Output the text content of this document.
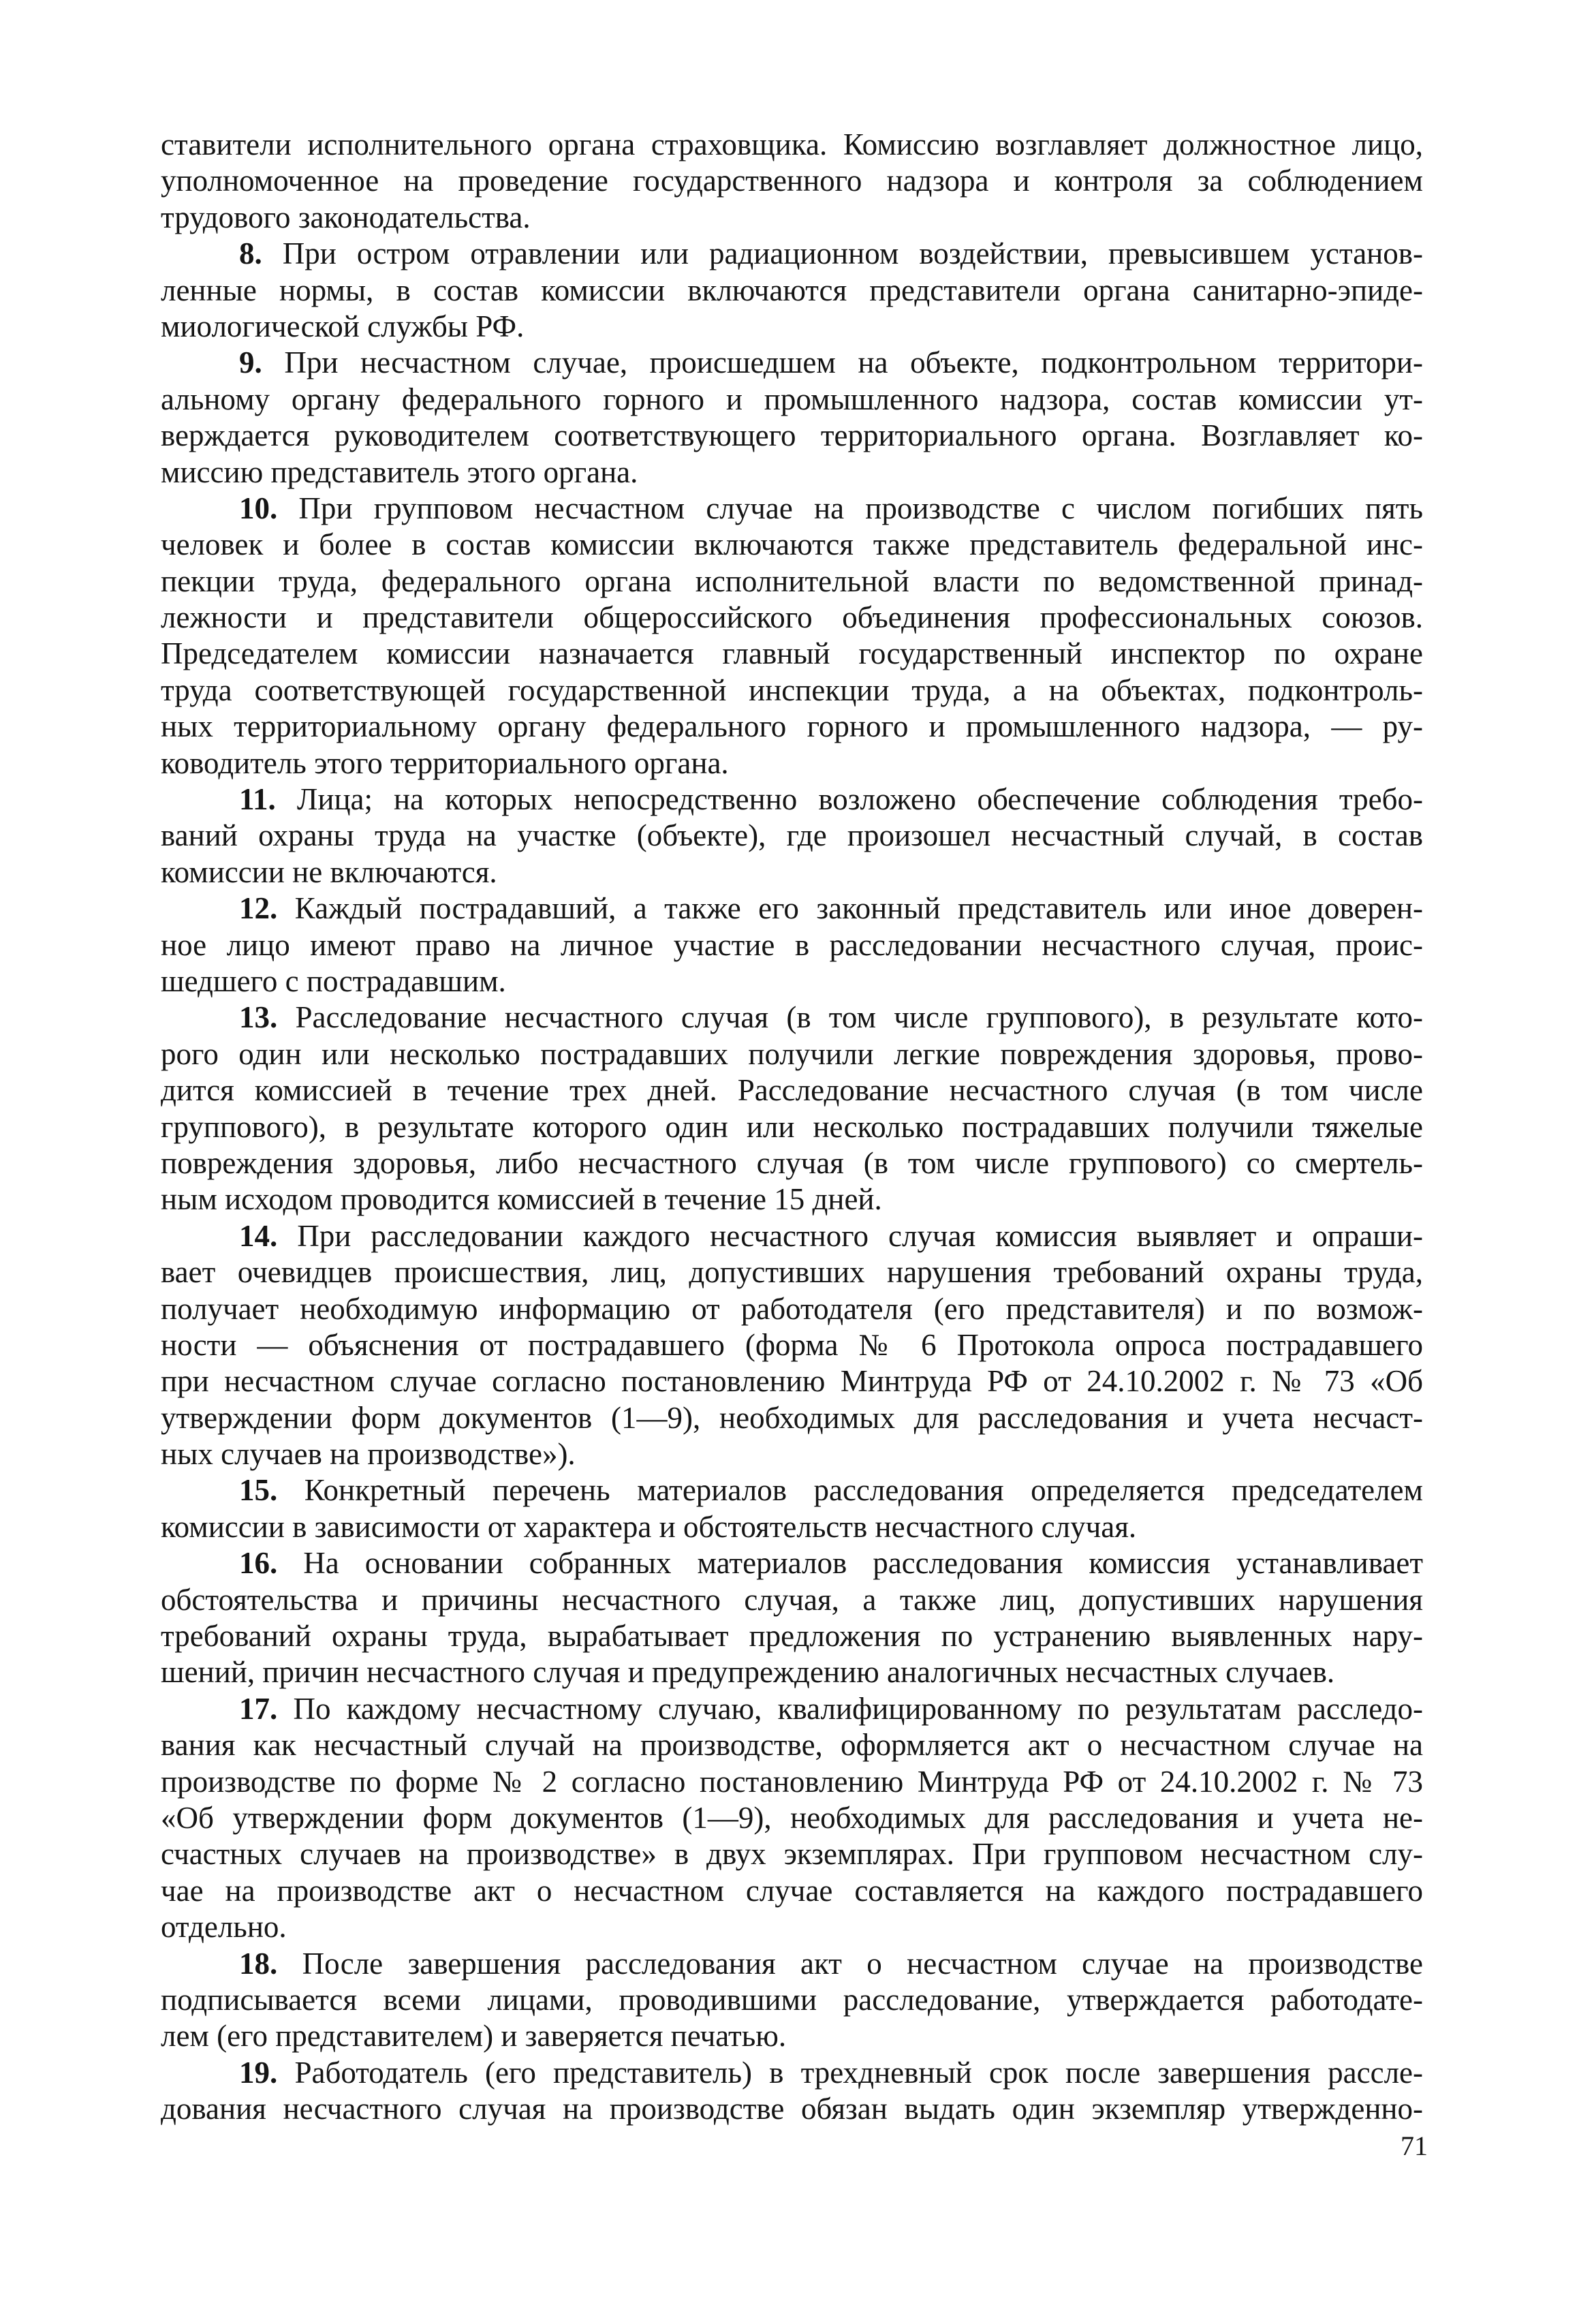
ставители исполнительного органа страховщика. Комиссию возглавляет должностное лицо,
уполномоченное на проведение государственного надзора и контроля за соблюдением
трудового законодательства.
8. При остром отравлении или радиационном воздействии, превысившем установ-
ленные нормы, в состав комиссии включаются представители органа санитарно-эпиде-
миологической службы РФ.
9. При несчастном случае, происшедшем на объекте, подконтрольном территори-
альному органу федерального горного и промышленного надзора, состав комиссии ут-
верждается руководителем соответствующего территориального органа. Возглавляет ко-
миссию представитель этого органа.
10. При групповом несчастном случае на производстве с числом погибших пять
человек и более в состав комиссии включаются также представитель федеральной инс-
пекции труда, федерального органа исполнительной власти по ведомственной принад-
лежности и представители общероссийского объединения профессиональных союзов.
Председателем комиссии назначается главный государственный инспектор по охране
труда соответствующей государственной инспекции труда, а на объектах, подконтроль-
ных территориальному органу федерального горного и промышленного надзора, — ру-
ководитель этого территориального органа.
11. Лица; на которых непосредственно возложено обеспечение соблюдения требо-
ваний охраны труда на участке (объекте), где произошел несчастный случай, в состав
комиссии не включаются.
12. Каждый пострадавший, а также его законный представитель или иное доверен-
ное лицо имеют право на личное участие в расследовании несчастного случая, проис-
шедшего с пострадавшим.
13. Расследование несчастного случая (в том числе группового), в результате кото-
рого один или несколько пострадавших получили легкие повреждения здоровья, прово-
дится комиссией в течение трех дней. Расследование несчастного случая (в том числе
группового), в результате которого один или несколько пострадавших получили тяжелые
повреждения здоровья, либо несчастного случая (в том числе группового) со смертель-
ным исходом проводится комиссией в течение 15 дней.
14. При расследовании каждого несчастного случая комиссия выявляет и опраши-
вает очевидцев происшествия, лиц, допустивших нарушения требований охраны труда,
получает необходимую информацию от работодателя (его представителя) и по возмож-
ности — объяснения от пострадавшего (форма № 6 Протокола опроса пострадавшего
при несчастном случае согласно постановлению Минтруда РФ от 24.10.2002 г. № 73 «Об
утверждении форм документов (1—9), необходимых для расследования и учета несчаст-
ных случаев на производстве»).
15. Конкретный перечень материалов расследования определяется председателем
комиссии в зависимости от характера и обстоятельств несчастного случая.
16. На основании собранных материалов расследования комиссия устанавливает
обстоятельства и причины несчастного случая, а также лиц, допустивших нарушения
требований охраны труда, вырабатывает предложения по устранению выявленных нару-
шений, причин несчастного случая и предупреждению аналогичных несчастных случаев.
17. По каждому несчастному случаю, квалифицированному по результатам расследо-
вания как несчастный случай на производстве, оформляется акт о несчастном случае на
производстве по форме № 2 согласно постановлению Минтруда РФ от 24.10.2002 г. № 73
«Об утверждении форм документов (1—9), необходимых для расследования и учета не-
счастных случаев на производстве» в двух экземплярах. При групповом несчастном слу-
чае на производстве акт о несчастном случае составляется на каждого пострадавшего
отдельно.
18. После завершения расследования акт о несчастном случае на производстве
подписывается всеми лицами, проводившими расследование, утверждается работодате-
лем (его представителем) и заверяется печатью.
19. Работодатель (его представитель) в трехдневный срок после завершения рассле-
дования несчастного случая на производстве обязан выдать один экземпляр утвержденно-
71
